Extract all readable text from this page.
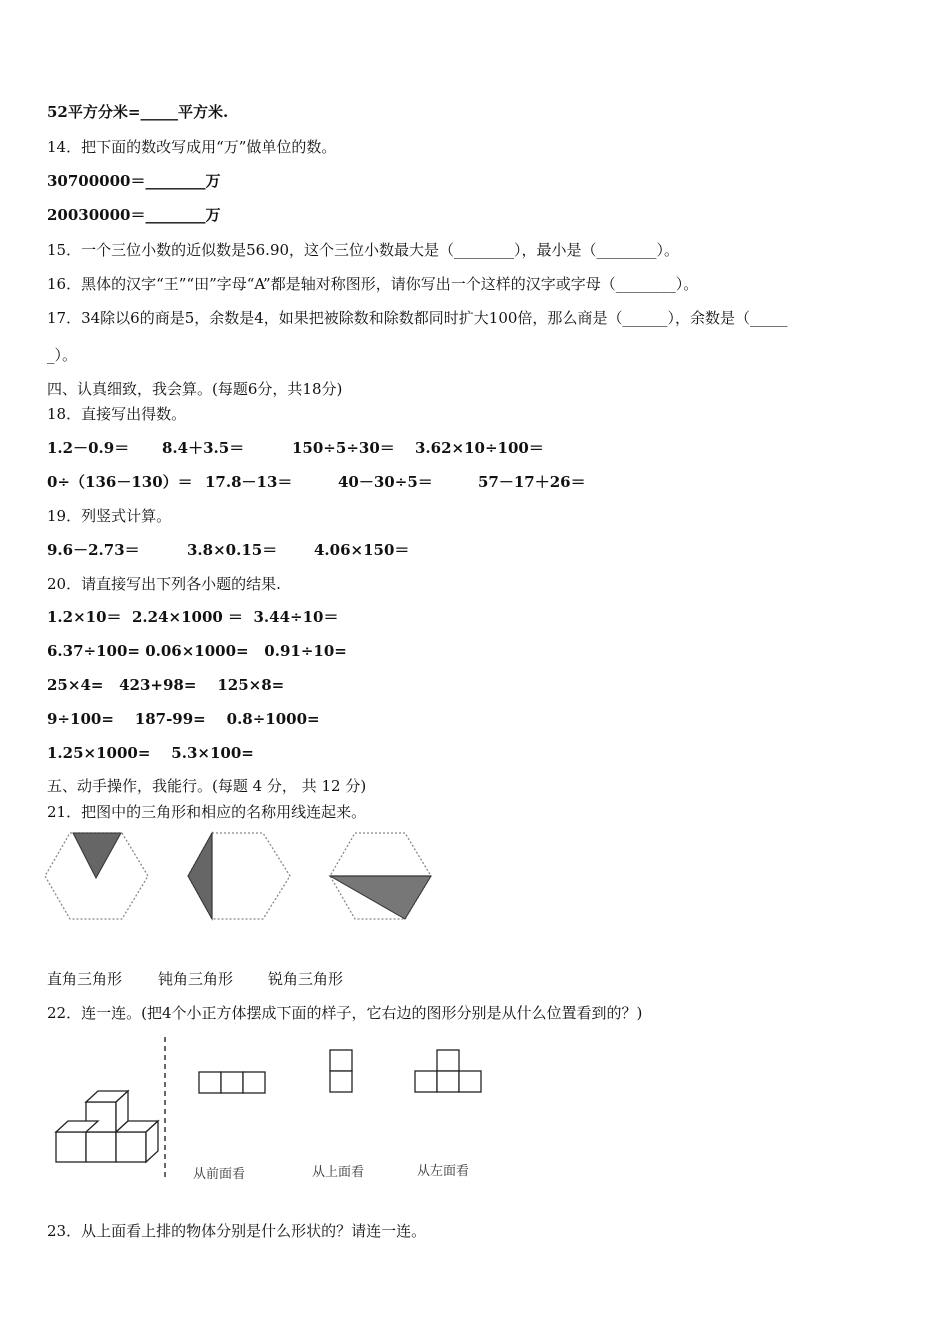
52平方分米=_____平方米.
14．把下面的数改写成用“万”做单位的数。
30700000＝________万
20030000＝________万
15．一个三位小数的近似数是56.90，这个三位小数最大是（________），最小是（________）。
16．黑体的汉字“王”“田”字母“A”都是轴对称图形，请你写出一个这样的汉字或字母（________）。
17．34除以6的商是5，余数是4，如果把被除数和除数都同时扩大100倍，那么商是（______），余数是（_____
_）。
四、认真细致，我会算。(每题6分，共18分)
18．直接写出得数。
1.2－0.9＝ 8.4＋3.5＝	150÷5÷30＝ 3.62×10÷100＝
0÷（136－130）＝ 17.8－13＝	40－30÷5＝	57－17＋26＝
19．列竖式计算。
9.6－2.73＝	3.8×0.15＝ 4.06×150＝
20．请直接写出下列各小题的结果.
1.2×10＝  2.24×1000 ＝  3.44÷10＝
6.37÷100= 0.06×1000=   0.91÷10=
25×4=   423+98=    125×8=
9÷100=    187-99=    0.8÷1000=
1.25×1000=    5.3×100=
五、动手操作，我能行。(每题 4 分， 共 12 分)
21．把图中的三角形和相应的名称用线连起来。
直角三角形 钝角三角形 锐角三角形
22．连一连。(把4个小正方体摆成下面的样子，它右边的图形分别是从什么位置看到的？)
从前面看	从上面看	从左面看
23．从上面看上排的物体分别是什么形状的？请连一连。
